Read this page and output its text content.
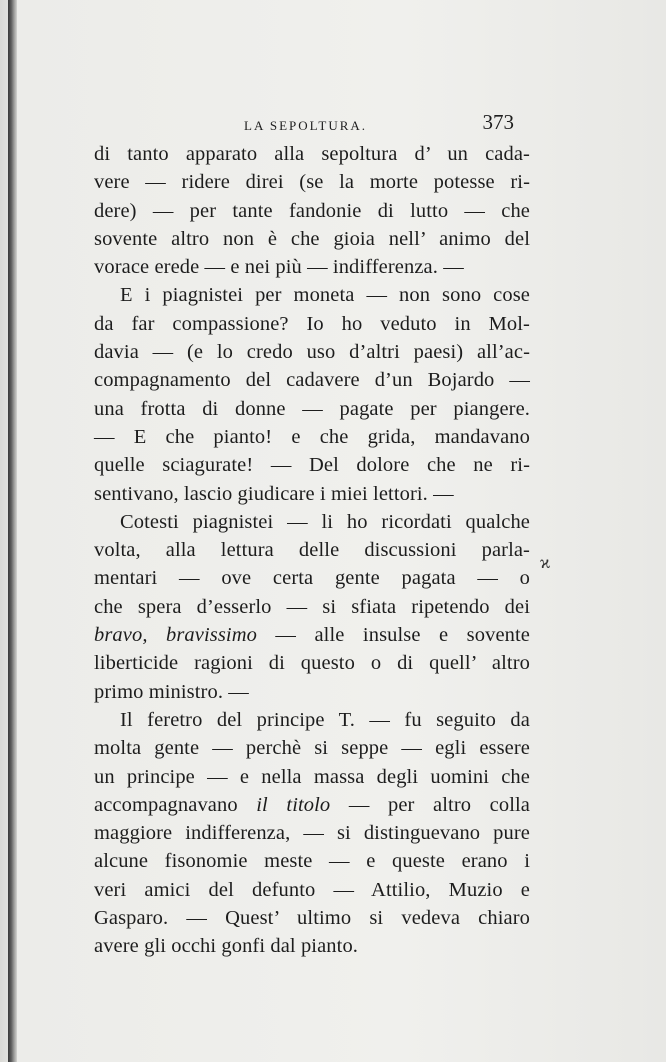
LA SEPOLTURA.	373
di tanto apparato alla sepoltura d’ un cada-
vere — ridere direi (se la morte potesse ri-
dere) — per tante fandonie di lutto — che
sovente altro non è che gioia nell’ animo del
vorace erede — e nei più — indifferenza. —
E i piagnistei per moneta — non sono cose
da far compassione? Io ho veduto in Mol-
davia — (e lo credo uso d’altri paesi) all’ac-
compagnamento del cadavere d’un Bojardo —
una frotta di donne — pagate per piangere.
— E che pianto! e che grida, mandavano
quelle sciagurate! — Del dolore che ne ri-
sentivano, lascio giudicare i miei lettori. —
Cotesti piagnistei — li ho ricordati qualche
volta, alla lettura delle discussioni parla-
mentari — ove certa gente pagata — o
che spera d’esserlo — si sfiata ripetendo dei
bravo, bravissimo — alle insulse e sovente
liberticide ragioni di questo o di quell’ altro
primo ministro. —
Il feretro del principe T. — fu seguito da
molta gente — perchè si seppe — egli essere
un principe — e nella massa degli uomini che
accompagnavano il titolo — per altro colla
maggiore indifferenza, — si distinguevano pure
alcune fisonomie meste — e queste erano i
veri amici del defunto — Attilio, Muzio e
Gasparo. — Quest’ ultimo si vedeva chiaro
avere gli occhi gonfi dal pianto.
ϰ
